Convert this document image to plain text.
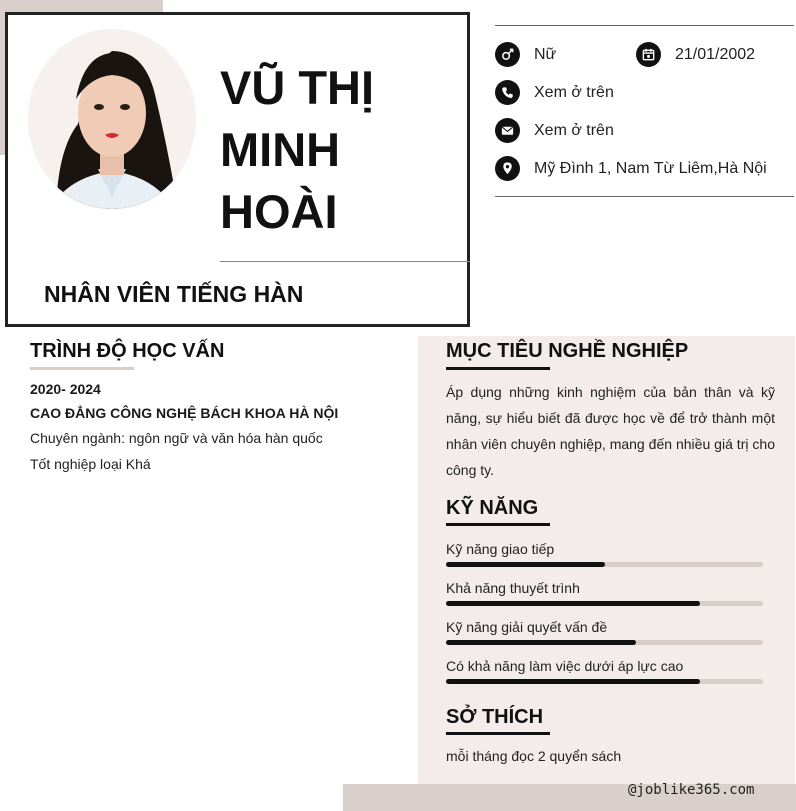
VŨ THỊ
MINH
HOÀI
NHÂN VIÊN TIẾNG HÀN
Nữ	21/01/2002
Xem ở trên
Xem ở trên
Mỹ Đình 1, Nam Từ Liêm,Hà Nội
TRÌNH ĐỘ HỌC VẤN
2020- 2024
CAO ĐẲNG CÔNG NGHỆ BÁCH KHOA HÀ NỘI
Chuyên ngành: ngôn ngữ và văn hóa hàn quốc
Tốt nghiệp loại Khá
MỤC TIÊU NGHỀ NGHIỆP
Áp dụng những kinh nghiệm của bản thân và kỹ năng, sự hiểu biết đã được học về để trở thành một nhân viên chuyên nghiệp, mang đến nhiều giá trị cho công ty.
KỸ NĂNG
Kỹ năng giao tiếp
Khả năng thuyết trình
Kỹ năng giải quyết vấn đề
Có khả năng làm việc dưới áp lực cao
SỞ THÍCH
mỗi tháng đọc 2 quyển sách
@joblike365.com
